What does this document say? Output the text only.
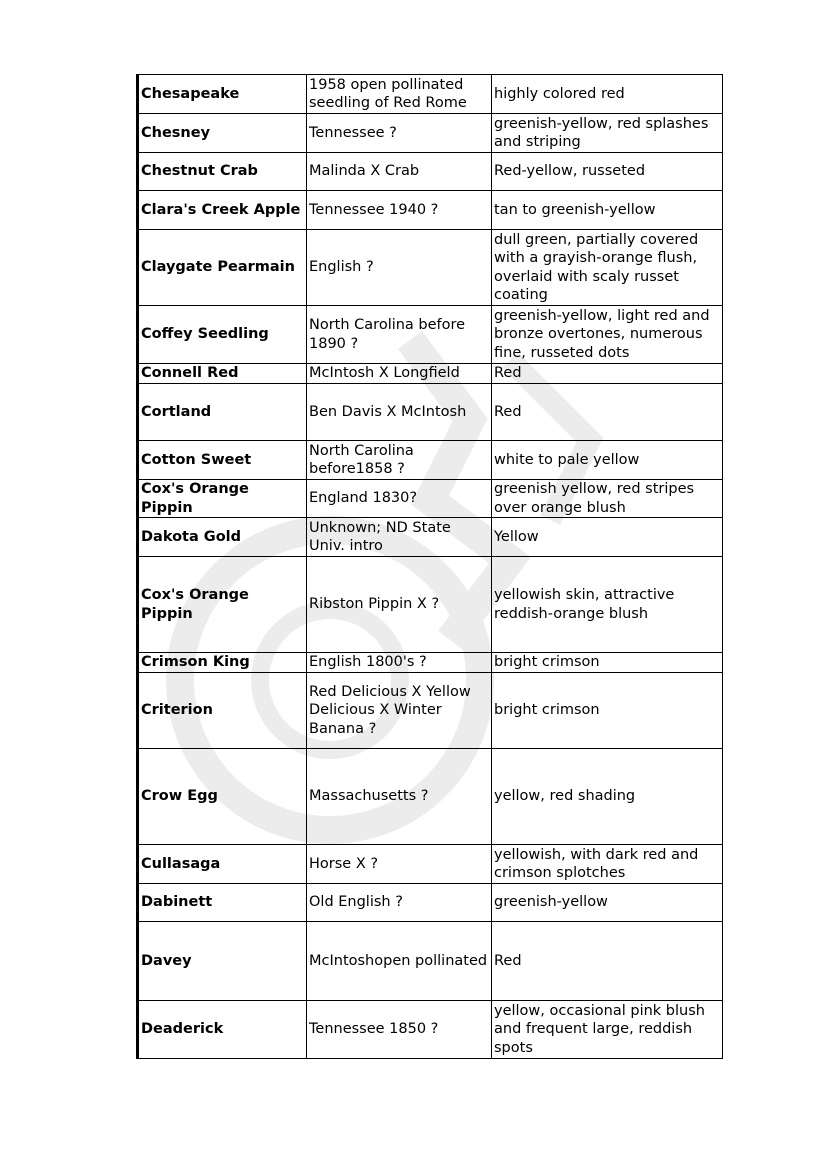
Chesapeake	1958 open pollinated seedling of Red Rome	highly colored red
Chesney	Tennessee ?	greenish-yellow, red splashes and striping
Chestnut Crab	Malinda X Crab	Red-yellow, russeted
Clara's Creek Apple	Tennessee 1940 ?	tan to greenish-yellow
Claygate Pearmain	English ?	dull green, partially covered with a grayish-orange flush, overlaid with scaly russet coating
Coffey Seedling	North Carolina before 1890 ?	greenish-yellow, light red and bronze overtones, numerous fine, russeted dots
Connell Red	McIntosh X Longfield	Red
Cortland	Ben Davis X McIntosh	Red
Cotton Sweet	North Carolina before1858 ?	white to pale yellow
Cox's Orange Pippin	England 1830?	greenish yellow, red stripes over orange blush
Dakota Gold	Unknown; ND State Univ. intro	Yellow
Cox's Orange Pippin	Ribston Pippin X ?	yellowish skin, attractive reddish-orange blush
Crimson King	English 1800's ?	bright crimson
Criterion	Red Delicious X Yellow Delicious X Winter Banana ?	bright crimson
Crow Egg	Massachusetts ?	yellow, red shading
Cullasaga	Horse X ?	yellowish, with dark red and crimson splotches
Dabinett	Old English ?	greenish-yellow
Davey	McIntoshopen pollinated	Red
Deaderick	Tennessee 1850 ?	yellow, occasional pink blush and frequent large, reddish spots
